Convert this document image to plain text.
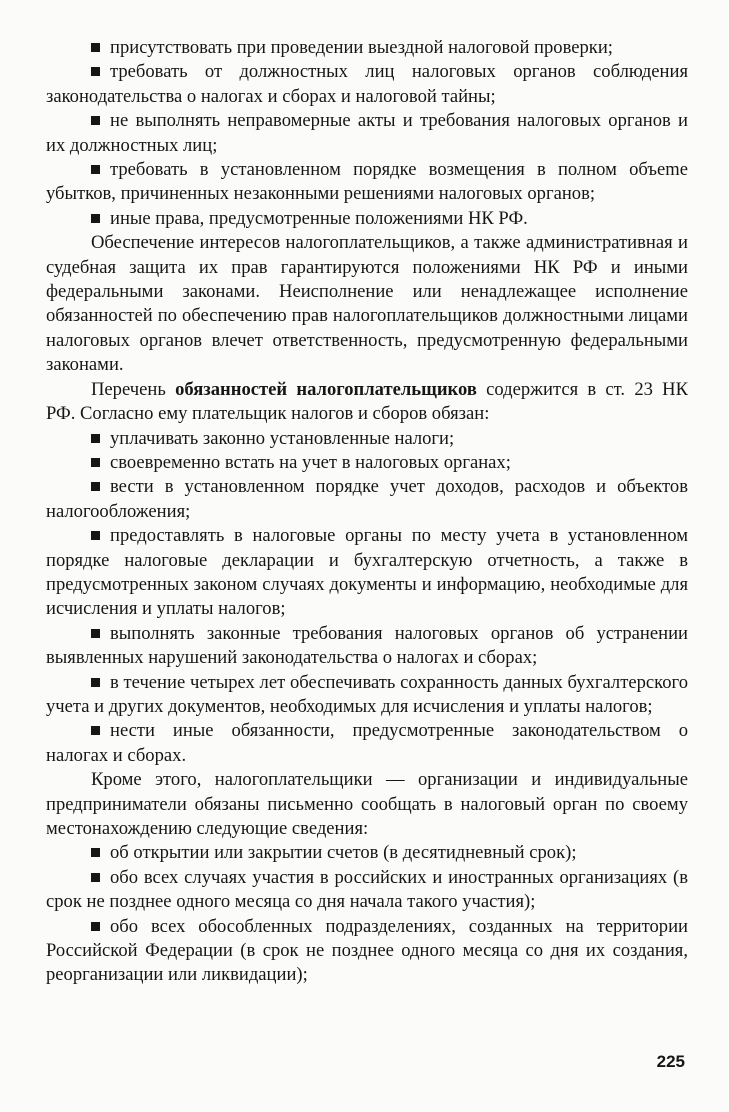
присутствовать при проведении выездной налоговой проверки;

требовать от должностных лиц налоговых органов соблюдения законодательства о налогах и сборах и налоговой тайны;

не выполнять неправомерные акты и требования налоговых органов и их должностных лиц;

требовать в установленном порядке возмещения в полном объeme убытков, причиненных незаконными решениями налоговых органов;

иные права, предусмотренные положениями НК РФ.

Обеспечение интересов налогоплательщиков, а также административная и судебная защита их прав гарантируются положениями НК РФ и иными федеральными законами. Неисполнение или ненадлежащее исполнение обязанностей по обеспечению прав налогоплательщиков должностными лицами налоговых органов влечет ответственность, предусмотренную федеральными законами.

Перечень обязанностей налогоплательщиков содержится в ст. 23 НК РФ. Согласно ему плательщик налогов и сборов обязан:

уплачивать законно установленные налоги;

своевременно встать на учет в налоговых органах;

вести в установленном порядке учет доходов, расходов и объектов налогообложения;

предоставлять в налоговые органы по месту учета в установленном порядке налоговые декларации и бухгалтерскую отчетность, а также в предусмотренных законом случаях документы и информацию, необходимые для исчисления и уплаты налогов;

выполнять законные требования налоговых органов об устранении выявленных нарушений законодательства о налогах и сборах;

в течение четырех лет обеспечивать сохранность данных бухгалтерского учета и других документов, необходимых для исчисления и уплаты налогов;

нести иные обязанности, предусмотренные законодательством о налогах и сборах.

Кроме этого, налогоплательщики — организации и индивидуальные предприниматели обязаны письменно сообщать в налоговый орган по своему местонахождению следующие сведения:

об открытии или закрытии счетов (в десятидневный срок);

обо всех случаях участия в российских и иностранных организациях (в срок не позднее одного месяца со дня начала такого участия);

обо всех обособленных подразделениях, созданных на территории Российской Федерации (в срок не позднее одного месяца со дня их создания, реорганизации или ликвидации);

225
